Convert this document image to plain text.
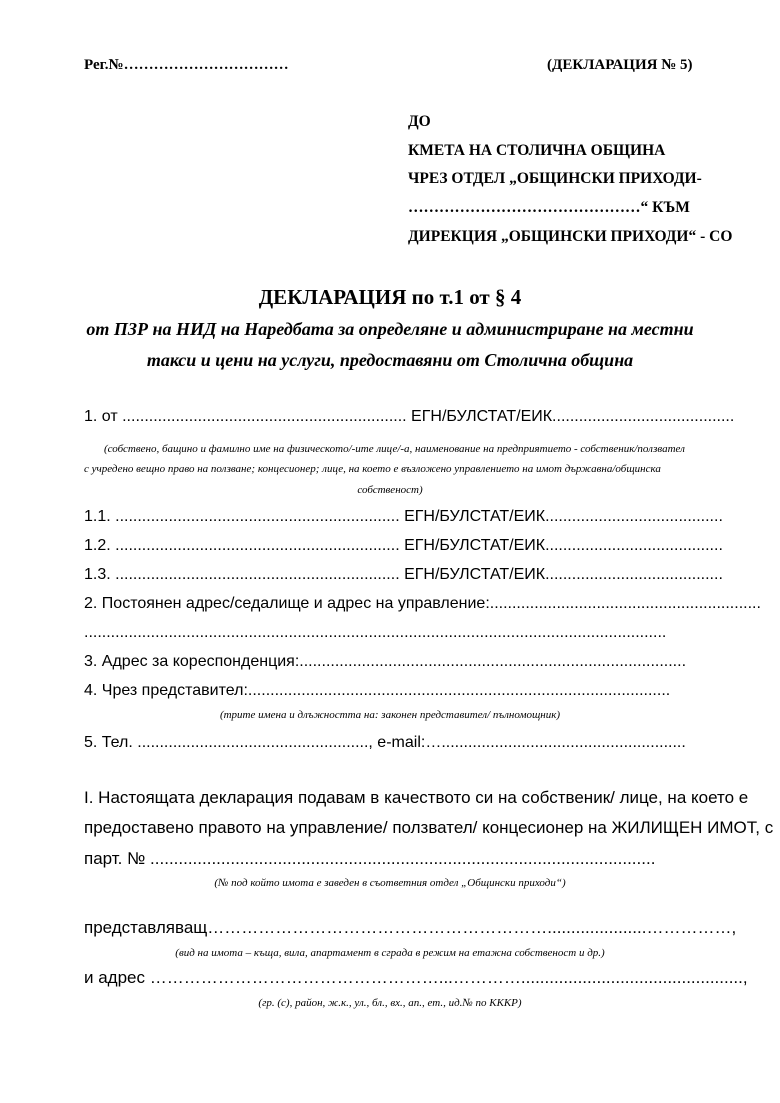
Рег.№……………………………	(ДЕКЛАРАЦИЯ № 5)
ДО
КМЕТА НА СТОЛИЧНА ОБЩИНА
ЧРЕЗ ОТДЕЛ „ОБЩИНСКИ ПРИХОДИ-
………………………………………“ КЪМ
ДИРЕКЦИЯ „ОБЩИНСКИ ПРИХОДИ“ - СО
ДЕКЛАРАЦИЯ по т.1 от § 4
от ПЗР на НИД на Наредбата за определяне и администриране на местни
такси и цени на услуги, предоставяни от Столична община
1. от ................................................................ ЕГН/БУЛСТАТ/ЕИК.........................................
(собствено, бащино и фамилно име на физическото/-ите лице/-а, наименование на предприятието - собственик/ползвател
с учредено вещно право на ползване; концесионер; лице, на което е възложено управлението на имот държавна/общинска
собственост)
1.1. ................................................................ ЕГН/БУЛСТАТ/ЕИК........................................
1.2. ................................................................ ЕГН/БУЛСТАТ/ЕИК........................................
1.3. ................................................................ ЕГН/БУЛСТАТ/ЕИК........................................
2. Постоянен адрес/седалище и адрес на управление:.............................................................
...................................................................................................................................
3. Адрес за кореспонденция:.......................................................................................
4. Чрез представител:...............................................................................................
(трите имена и длъжността на: законен представител/ пълномощник)
5. Тел. ...................................................., e-mail:….......................................................
I. Настоящата декларация подавам в качеството си на собственик/ лице, на което е
предоставено правото на управление/ ползвател/ концесионер на ЖИЛИЩЕН ИМОТ, с
парт. № ...........................................................................................................
(№ под който имота е заведен в съответния отдел „Общински приходи“)
представляващ…………………………………………………….....................……………,
(вид на имота – къща, вила, апартамент в сграда в режим на етажна собственост и др.)
и адрес ……………………………………………...…………...............................................,
(гр. (с), район, ж.к., ул., бл., вх., ап., ет., ид.№ по КККР)
